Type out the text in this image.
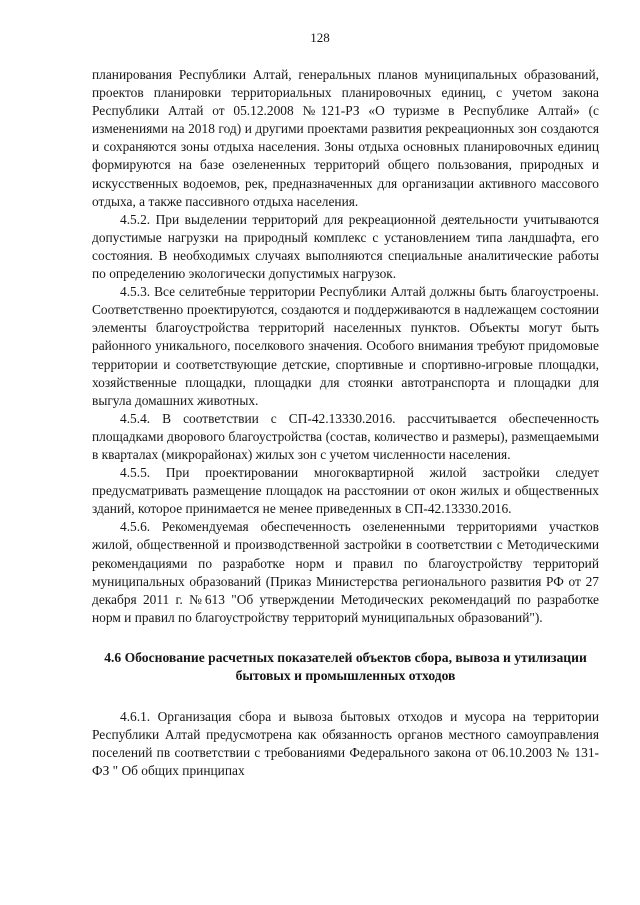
128

планирования Республики Алтай, генеральных планов муниципальных образований, проектов планировки территориальных планировочных единиц, с учетом закона Республики Алтай от 05.12.2008 №121-РЗ «О туризме в Республике Алтай» (с изменениями на 2018 год) и другими проектами развития рекреационных зон создаются и сохраняются зоны отдыха населения. Зоны отдыха основных планировочных единиц формируются на базе озелененных территорий общего пользования, природных и искусственных водоемов, рек, предназначенных для организации активного массового отдыха, а также пассивного отдыха населения.

4.5.2. При выделении территорий для рекреационной деятельности учитываются допустимые нагрузки на природный комплекс с установлением типа ландшафта, его состояния. В необходимых случаях выполняются специальные аналитические работы по определению экологически допустимых нагрузок.

4.5.3. Все селитебные территории Республики Алтай должны быть благоустроены. Соответственно проектируются, создаются и поддерживаются в надлежащем состоянии элементы благоустройства территорий населенных пунктов. Объекты могут быть районного уникального, поселкового значения. Особого внимания требуют придомовые территории и соответствующие детские, спортивные и спортивно-игровые площадки, хозяйственные площадки, площадки для стоянки автотранспорта и площадки для выгула домашних животных.

4.5.4. В соответствии с СП-42.13330.2016. рассчитывается обеспеченность площадками дворового благоустройства (состав, количество и размеры), размещаемыми в кварталах (микрорайонах) жилых зон с учетом численности населения.

4.5.5. При проектировании многоквартирной жилой застройки следует предусматривать размещение площадок на расстоянии от окон жилых и общественных зданий, которое принимается не менее приведенных в СП-42.13330.2016.

4.5.6. Рекомендуемая обеспеченность озелененными территориями участков жилой, общественной и производственной застройки в соответствии с Методическими рекомендациями по разработке норм и правил по благоустройству территорий муниципальных образований (Приказ Министерства регионального развития РФ от 27 декабря 2011 г. №613 "Об утверждении Методических рекомендаций по разработке норм и правил по благоустройству территорий муниципальных образований").

4.6 Обоснование расчетных показателей объектов сбора, вывоза и утилизации бытовых и промышленных отходов

4.6.1. Организация сбора и вывоза бытовых отходов и мусора на территории Республики Алтай предусмотрена как обязанность органов местного самоуправления поселений пв соответствии с требованиями Федерального закона от 06.10.2003 № 131-ФЗ " Об общих принципах
